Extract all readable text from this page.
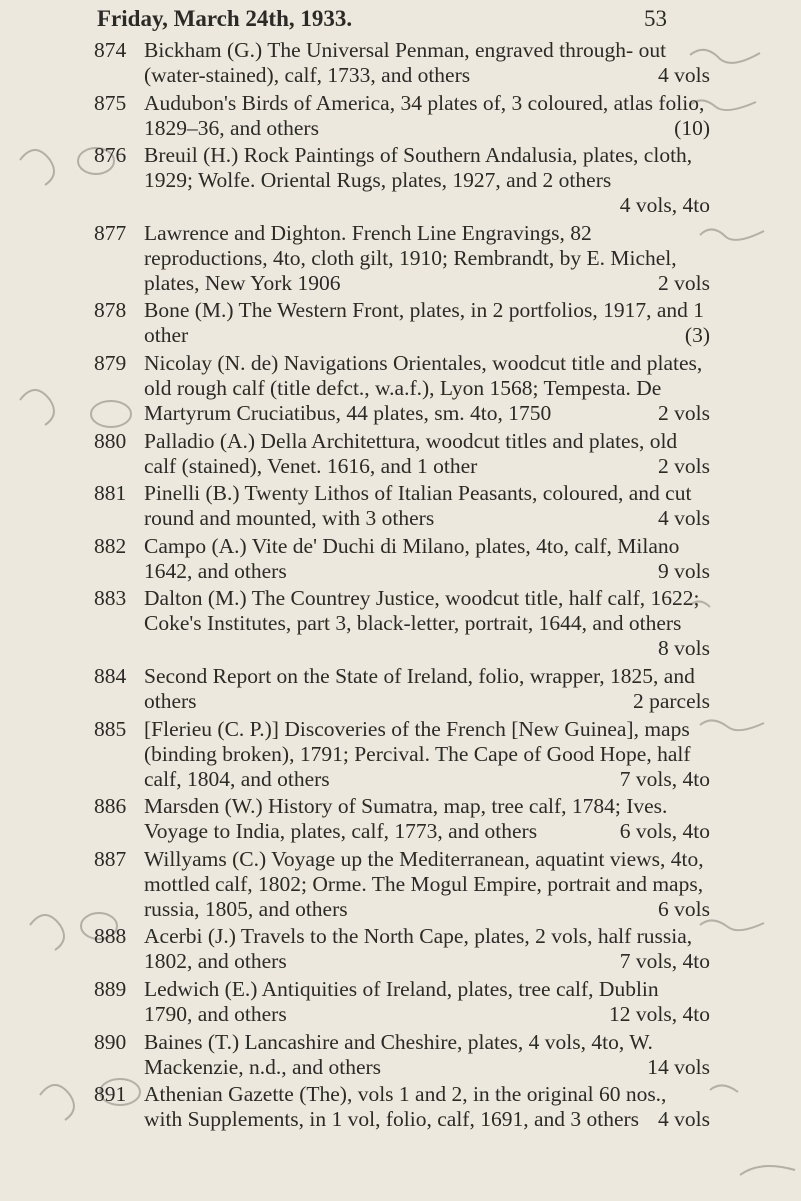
Friday, March 24th, 1933.	53
874 Bickham (G.) The Universal Penman, engraved through- out (water-stained), calf, 1733, and others	4 vols
875 Audubon's Birds of America, 34 plates of, 3 coloured, atlas folio, 1829–36, and others	(10)
876 Breuil (H.) Rock Paintings of Southern Andalusia, plates, cloth, 1929; Wolfe. Oriental Rugs, plates, 1927, and 2 others
4 vols, 4to
877 Lawrence and Dighton. French Line Engravings, 82 reproductions, 4to, cloth gilt, 1910; Rembrandt, by E. Michel, plates, New York 1906	2 vols
878 Bone (M.) The Western Front, plates, in 2 portfolios, 1917, and 1 other	(3)
879 Nicolay (N. de) Navigations Orientales, woodcut title and plates, old rough calf (title defct., w.a.f.), Lyon 1568; Tempesta. De Martyrum Cruciatibus, 44 plates, sm. 4to, 1750	2 vols
880 Palladio (A.) Della Architettura, woodcut titles and plates, old calf (stained), Venet. 1616, and 1 other	2 vols
881 Pinelli (B.) Twenty Lithos of Italian Peasants, coloured, and cut round and mounted, with 3 others	4 vols
882 Campo (A.) Vite de' Duchi di Milano, plates, 4to, calf, Milano 1642, and others	9 vols
883 Dalton (M.) The Countrey Justice, woodcut title, half calf, 1622; Coke's Institutes, part 3, black-letter, portrait, 1644, and others
8 vols
884 Second Report on the State of Ireland, folio, wrapper, 1825, and others	2 parcels
885 [Flerieu (C. P.)] Discoveries of the French [New Guinea], maps (binding broken), 1791; Percival. The Cape of Good Hope, half calf, 1804, and others	7 vols, 4to
886 Marsden (W.) History of Sumatra, map, tree calf, 1784; Ives. Voyage to India, plates, calf, 1773, and others	6 vols, 4to
887 Willyams (C.) Voyage up the Mediterranean, aquatint views, 4to, mottled calf, 1802; Orme. The Mogul Empire, portrait and maps, russia, 1805, and others	6 vols
888 Acerbi (J.) Travels to the North Cape, plates, 2 vols, half russia, 1802, and others	7 vols, 4to
889 Ledwich (E.) Antiquities of Ireland, plates, tree calf, Dublin 1790, and others	12 vols, 4to
890 Baines (T.) Lancashire and Cheshire, plates, 4 vols, 4to, W. Mackenzie, n.d., and others	14 vols
891 Athenian Gazette (The), vols 1 and 2, in the original 60 nos., with Supplements, in 1 vol, folio, calf, 1691, and 3 others 4 vols
